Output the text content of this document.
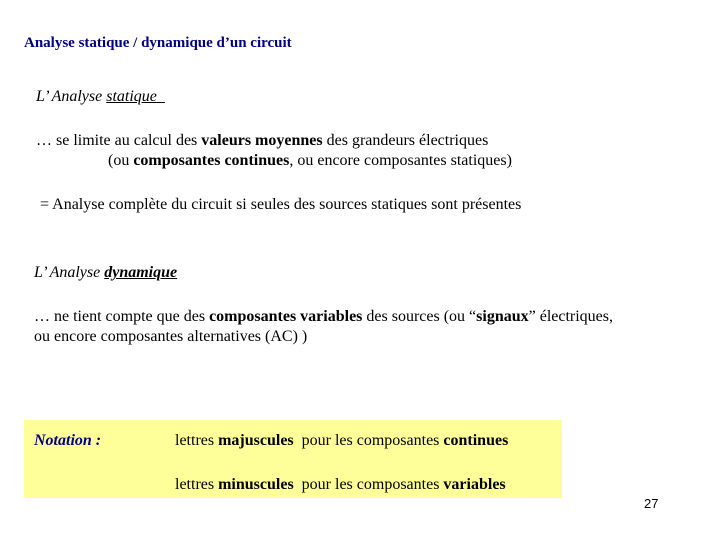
Analyse statique / dynamique d’un circuit
L’ Analyse statique
… se limite au calcul des valeurs moyennes des grandeurs électriques
(ou composantes continues, ou encore composantes statiques)
= Analyse complète du circuit si seules des sources statiques sont présentes
L’ Analyse dynamique
… ne tient compte que des composantes variables des sources (ou “signaux” électriques,
ou encore composantes alternatives (AC) )
Notation :	lettres majuscules  pour les composantes continues
lettres minuscules  pour les composantes variables
27
